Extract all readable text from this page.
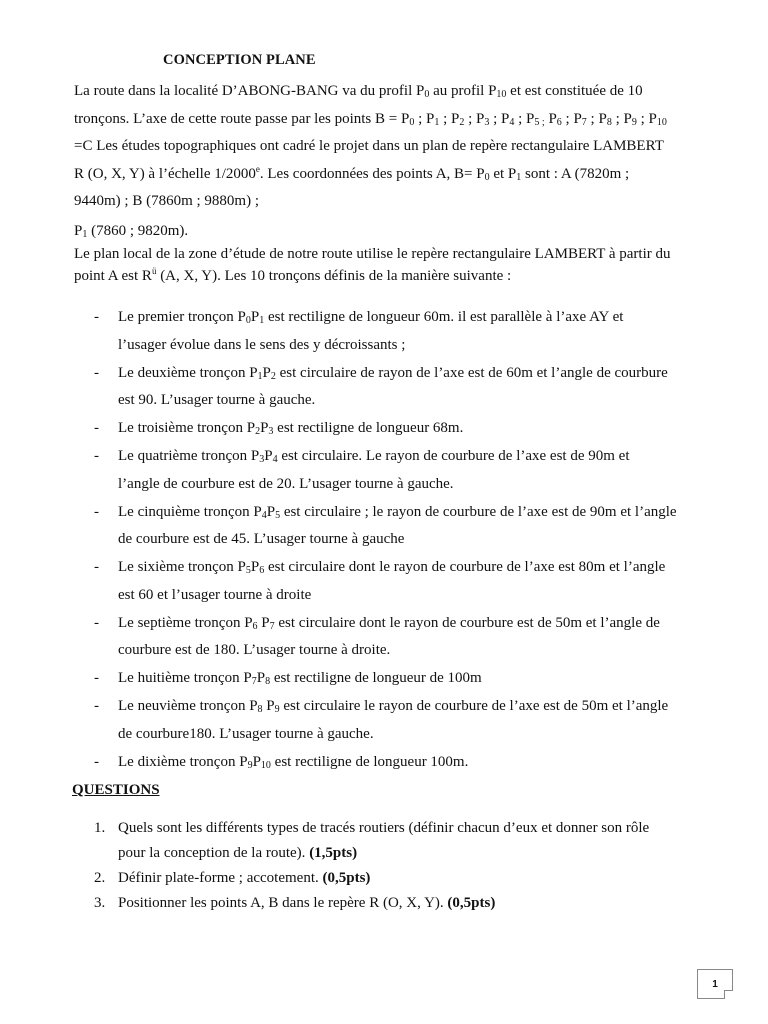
CONCEPTION PLANE

La route dans la localité D’ABONG-BANG va du profil $P_0$ au profil $P_{10}$ et est constituée de 10
tronçons. L’axe de cette route passe par les points $B = P_0$ ; $P_1$ ; $P_2$ ; $P_3$ ; $P_4$ ; $P_{5 ;}$ $P_6$ ; $P_7$ ; $P_8$ ; $P_9$ ; $P_{10}$
=C Les études topographiques ont cadré le projet dans un plan de repère rectangulaire LAMBERT
R (O, X, Y) à l’échelle 1/2000e. Les coordonnées des points A, $B= P_0$ et $P_1$ sont : A (7820m ;
9440m) ; B (7860m ; 9880m) ;

$P_1$ (7860 ; 9820m).
Le plan local de la zone d’étude de notre route utilise le repère rectangulaire LAMBERT à partir du
point A est $R^ü$ (A, X, Y). Les 10 tronçons définis de la manière suivante :

- Le premier tronçon $P_0P_1$ est rectiligne de longueur 60m. il est parallèle à l’axe AY et
l’usager évolue dans le sens des y décroissants ;
- Le deuxième tronçon $P_1P_2$ est circulaire de rayon de l’axe est de 60m et l’angle de courbure
est 90. L’usager tourne à gauche.
- Le troisième tronçon $P_2P_3$ est rectiligne de longueur 68m.
- Le quatrième tronçon $P_3P_4$ est circulaire. Le rayon de courbure de l’axe est de 90m et
l’angle de courbure est de 20. L’usager tourne à gauche.
- Le cinquième tronçon $P_4P_5$ est circulaire ; le rayon de courbure de l’axe est de 90m et l’angle
de courbure est de 45. L’usager tourne à gauche
- Le sixième tronçon $P_5P_6$ est circulaire dont le rayon de courbure de l’axe est 80m et l’angle
est 60 et l’usager tourne à droite
- Le septième tronçon $P_6$ $P_7$ est circulaire dont le rayon de courbure est de 50m et l’angle de
courbure est de 180. L’usager tourne à droite.
- Le huitième tronçon $P_7P_8$ est rectiligne de longueur de 100m
- Le neuvième tronçon $P_8$ $P_9$ est circulaire le rayon de courbure de l’axe est de 50m et l’angle
de courbure180. L’usager tourne à gauche.
- Le dixième tronçon $P_9P_{10}$ est rectiligne de longueur 100m.
QUESTIONS
1. Quels sont les différents types de tracés routiers (définir chacun d’eux et donner son rôle
pour la conception de la route). (1,5pts)
2. Définir plate-forme ; accotement. (0,5pts)
3. Positionner les points A, B dans le repère R (O, X, Y). (0,5pts)
1
